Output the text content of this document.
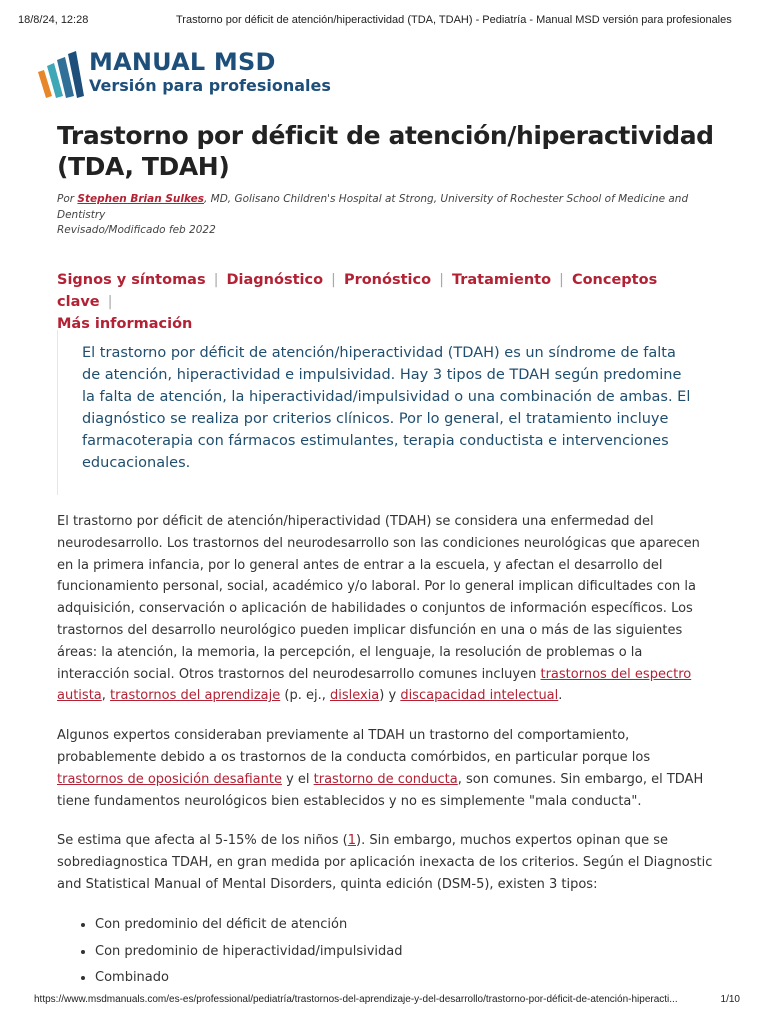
18/8/24, 12:28	Trastorno por déficit de atención/hiperactividad (TDA, TDAH) - Pediatría - Manual MSD versión para profesionales
MANUAL MSD
Versión para profesionales
Trastorno por déficit de atención/hiperactividad (TDA, TDAH)
Por Stephen Brian Sulkes, MD, Golisano Children's Hospital at Strong, University of Rochester School of Medicine and Dentistry
Revisado/Modificado feb 2022
Signos y síntomas | Diagnóstico | Pronóstico | Tratamiento | Conceptos clave |
Más información

El trastorno por déficit de atención/hiperactividad (TDAH) es un síndrome de falta de atención, hiperactividad e impulsividad. Hay 3 tipos de TDAH según predomine la falta de atención, la hiperactividad/impulsividad o una combinación de ambas. El diagnóstico se realiza por criterios clínicos. Por lo general, el tratamiento incluye farmacoterapia con fármacos estimulantes, terapia conductista e intervenciones educacionales.

El trastorno por déficit de atención/hiperactividad (TDAH) se considera una enfermedad del neurodesarrollo. Los trastornos del neurodesarrollo son las condiciones neurológicas que aparecen en la primera infancia, por lo general antes de entrar a la escuela, y afectan el desarrollo del funcionamiento personal, social, académico y/o laboral. Por lo general implican dificultades con la adquisición, conservación o aplicación de habilidades o conjuntos de información específicos. Los trastornos del desarrollo neurológico pueden implicar disfunción en una o más de las siguientes áreas: la atención, la memoria, la percepción, el lenguaje, la resolución de problemas o la interacción social. Otros trastornos del neurodesarrollo comunes incluyen trastornos del espectro autista, trastornos del aprendizaje (p. ej., dislexia) y discapacidad intelectual.

Algunos expertos consideraban previamente al TDAH un trastorno del comportamiento, probablemente debido a os trastornos de la conducta comórbidos, en particular porque los trastornos de oposición desafiante y el trastorno de conducta, son comunes. Sin embargo, el TDAH tiene fundamentos neurológicos bien establecidos y no es simplemente "mala conducta".

Se estima que afecta al 5-15% de los niños (1). Sin embargo, muchos expertos opinan que se sobrediagnostica TDAH, en gran medida por aplicación inexacta de los criterios. Según el Diagnostic and Statistical Manual of Mental Disorders, quinta edición (DSM-5), existen 3 tipos:

• Con predominio del déficit de atención
• Con predominio de hiperactividad/impulsividad
• Combinado
https://www.msdmanuals.com/es-es/professional/pediatría/trastornos-del-aprendizaje-y-del-desarrollo/trastorno-por-déficit-de-atención-hiperacti...	1/10
